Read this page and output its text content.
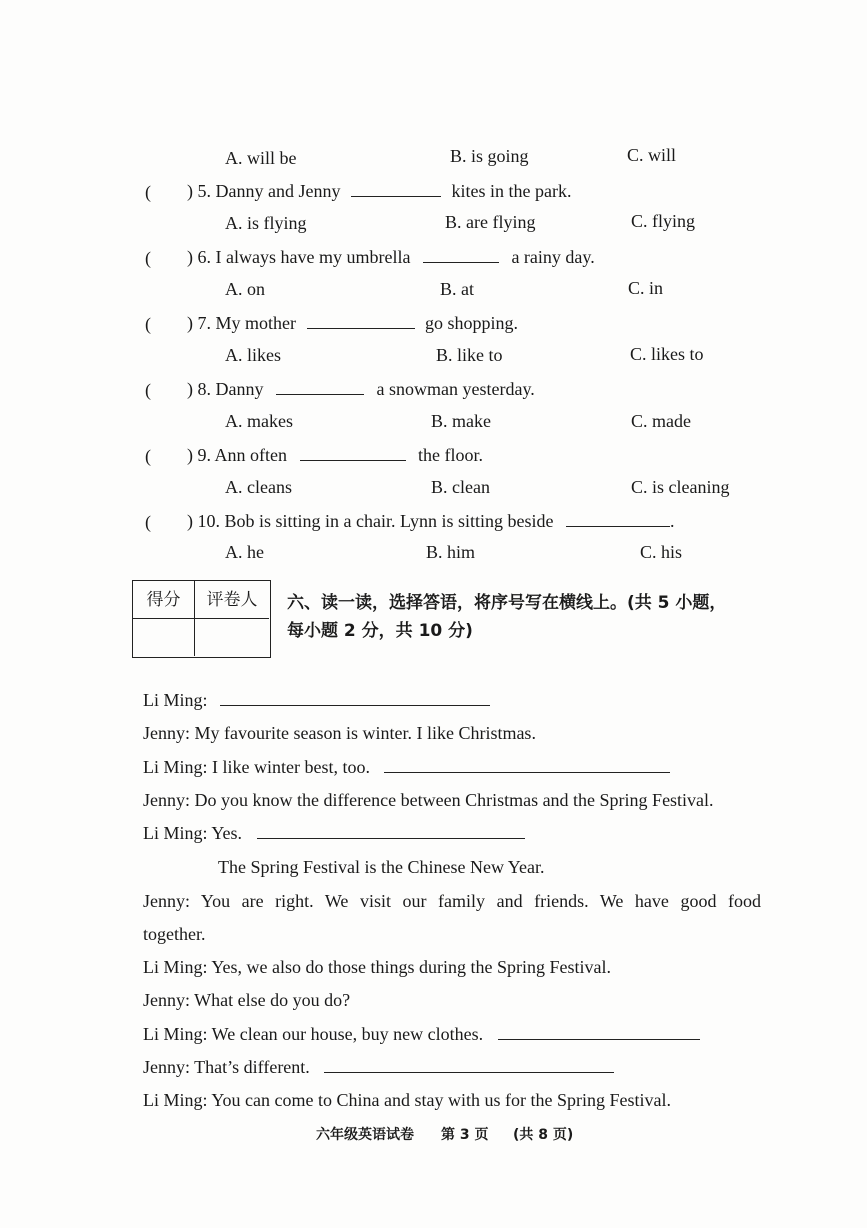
A. will be	B. is going	C. will
( ) 5. Danny and Jenny	kites in the park.
A. is flying	B. are flying	C. flying
( ) 6. I always have my umbrella	a rainy day.
A. on	B. at	C. in
( ) 7. My mother	go shopping.
A. likes	B. like to	C. likes to
( ) 8. Danny	a snowman yesterday.
A. makes	B. make	C. made
( ) 9. Ann often	the floor.
A. cleans	B. clean	C. is cleaning
( ) 10. Bob is sitting in a chair. Lynn is sitting beside	.
A. he	B. him	C. his
得分	评卷人	六、读一读，选择答语，将序号写在横线上。(共 5 小题，
每小题 2 分，共 10 分)
Li Ming:
Jenny: My favourite season is winter. I like Christmas.
Li Ming: I like winter best, too.
Jenny: Do you know the difference between Christmas and the Spring Festival.
Li Ming: Yes.
The Spring Festival is the Chinese New Year.
Jenny: You are right. We visit our family and friends. We have good food
together.
Li Ming: Yes, we also do those things during the Spring Festival.
Jenny: What else do you do?
Li Ming: We clean our house, buy new clothes.
Jenny: That’s different.
Li Ming: You can come to China and stay with us for the Spring Festival.
六年级英语试卷 第 3 页 (共 8 页)
